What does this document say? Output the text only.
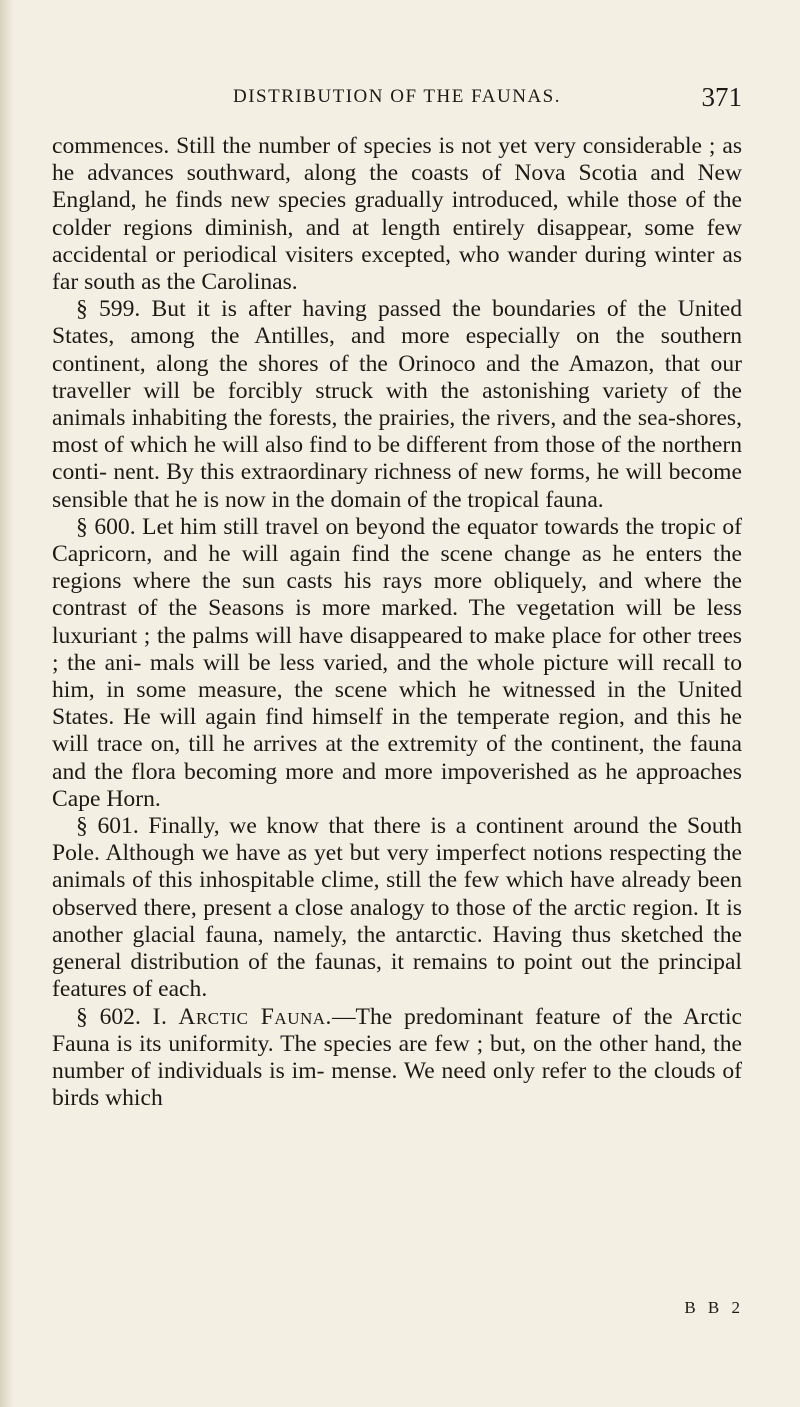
DISTRIBUTION OF THE FAUNAS.	371

commences. Still the number of species is not yet very considerable ; as he advances southward, along the coasts of Nova Scotia and New England, he finds new species gradually introduced, while those of the colder regions diminish, and at length entirely disappear, some few accidental or periodical visiters excepted, who wander during winter as far south as the Carolinas.

§ 599. But it is after having passed the boundaries of the United States, among the Antilles, and more especially on the southern continent, along the shores of the Orinoco and the Amazon, that our traveller will be forcibly struck with the astonishing variety of the animals inhabiting the forests, the prairies, the rivers, and the sea-shores, most of which he will also find to be different from those of the northern conti- nent. By this extraordinary richness of new forms, he will become sensible that he is now in the domain of the tropical fauna.

§ 600. Let him still travel on beyond the equator towards the tropic of Capricorn, and he will again find the scene change as he enters the regions where the sun casts his rays more obliquely, and where the contrast of the Seasons is more marked. The vegetation will be less luxuriant ; the palms will have disappeared to make place for other trees ; the ani- mals will be less varied, and the whole picture will recall to him, in some measure, the scene which he witnessed in the United States. He will again find himself in the temperate region, and this he will trace on, till he arrives at the extremity of the continent, the fauna and the flora becoming more and more impoverished as he approaches Cape Horn.

§ 601. Finally, we know that there is a continent around the South Pole. Although we have as yet but very imperfect notions respecting the animals of this inhospitable clime, still the few which have already been observed there, present a close analogy to those of the arctic region. It is another glacial fauna, namely, the antarctic. Having thus sketched the general distribution of the faunas, it remains to point out the principal features of each.

§ 602. I. Arctic Fauna.—The predominant feature of the Arctic Fauna is its uniformity. The species are few ; but, on the other hand, the number of individuals is im- mense. We need only refer to the clouds of birds which

B B 2
